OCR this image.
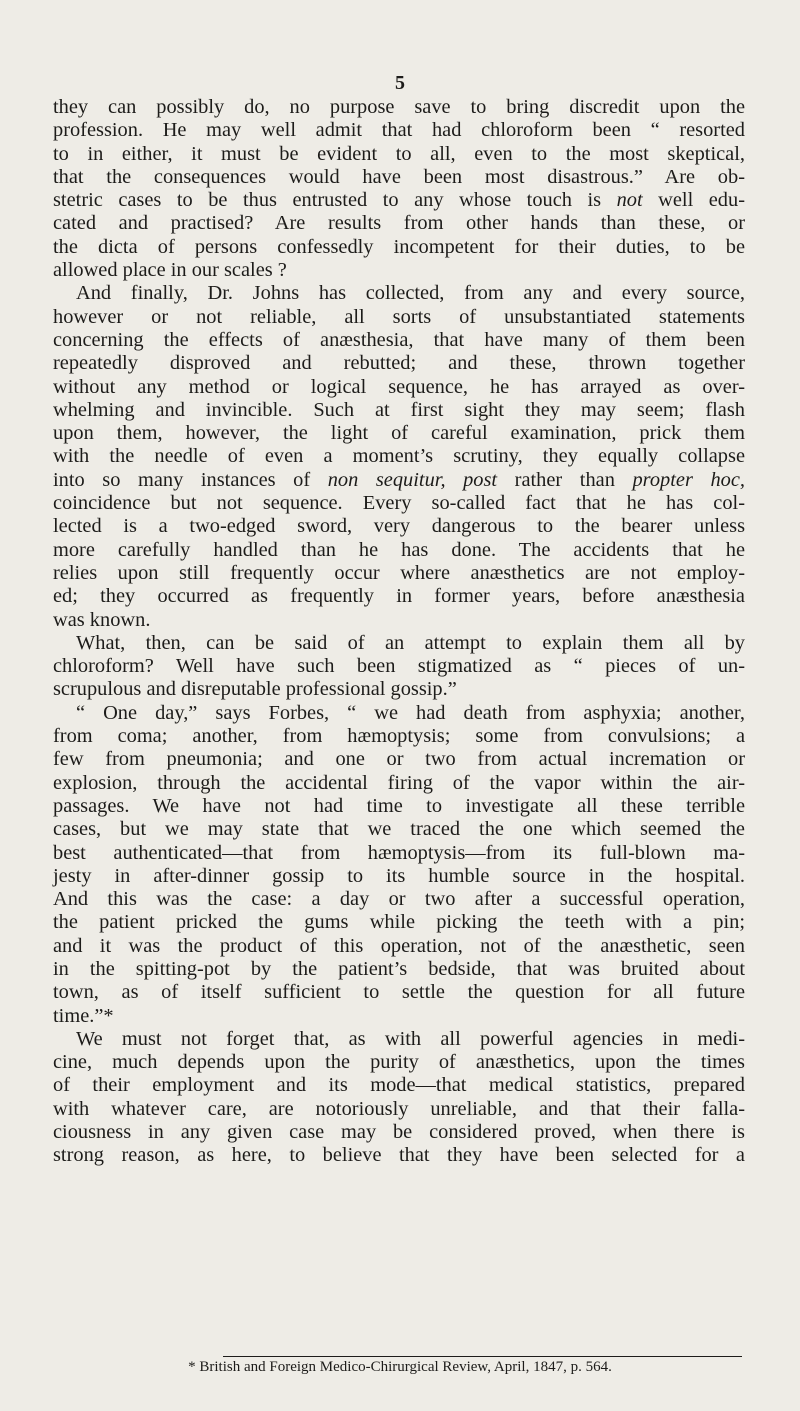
5
they can possibly do, no purpose save to bring discredit upon the
profession. He may well admit that had chloroform been “ resorted
to in either, it must be evident to all, even to the most skeptical,
that the consequences would have been most disastrous.” Are ob-
stetric cases to be thus entrusted to any whose touch is not well edu-
cated and practised? Are results from other hands than these, or
the dicta of persons confessedly incompetent for their duties, to be
allowed place in our scales ?
And finally, Dr. Johns has collected, from any and every source,
however or not reliable, all sorts of unsubstantiated statements
concerning the effects of anæsthesia, that have many of them been
repeatedly disproved and rebutted; and these, thrown together
without any method or logical sequence, he has arrayed as over-
whelming and invincible. Such at first sight they may seem; flash
upon them, however, the light of careful examination, prick them
with the needle of even a moment’s scrutiny, they equally collapse
into so many instances of non sequitur, post rather than propter hoc,
coincidence but not sequence. Every so-called fact that he has col-
lected is a two-edged sword, very dangerous to the bearer unless
more carefully handled than he has done. The accidents that he
relies upon still frequently occur where anæsthetics are not employ-
ed; they occurred as frequently in former years, before anæsthesia
was known.
What, then, can be said of an attempt to explain them all by
chloroform? Well have such been stigmatized as “ pieces of un-
scrupulous and disreputable professional gossip.”
“ One day,” says Forbes, “ we had death from asphyxia; another,
from coma; another, from hæmoptysis; some from convulsions; a
few from pneumonia; and one or two from actual incremation or
explosion, through the accidental firing of the vapor within the air-
passages. We have not had time to investigate all these terrible
cases, but we may state that we traced the one which seemed the
best authenticated—that from hæmoptysis—from its full-blown ma-
jesty in after-dinner gossip to its humble source in the hospital.
And this was the case: a day or two after a successful operation,
the patient pricked the gums while picking the teeth with a pin;
and it was the product of this operation, not of the anæsthetic, seen
in the spitting-pot by the patient’s bedside, that was bruited about
town, as of itself sufficient to settle the question for all future
time.”*
We must not forget that, as with all powerful agencies in medi-
cine, much depends upon the purity of anæsthetics, upon the times
of their employment and its mode—that medical statistics, prepared
with whatever care, are notoriously unreliable, and that their falla-
ciousness in any given case may be considered proved, when there is
strong reason, as here, to believe that they have been selected for a
* British and Foreign Medico-Chirurgical Review, April, 1847, p. 564.
